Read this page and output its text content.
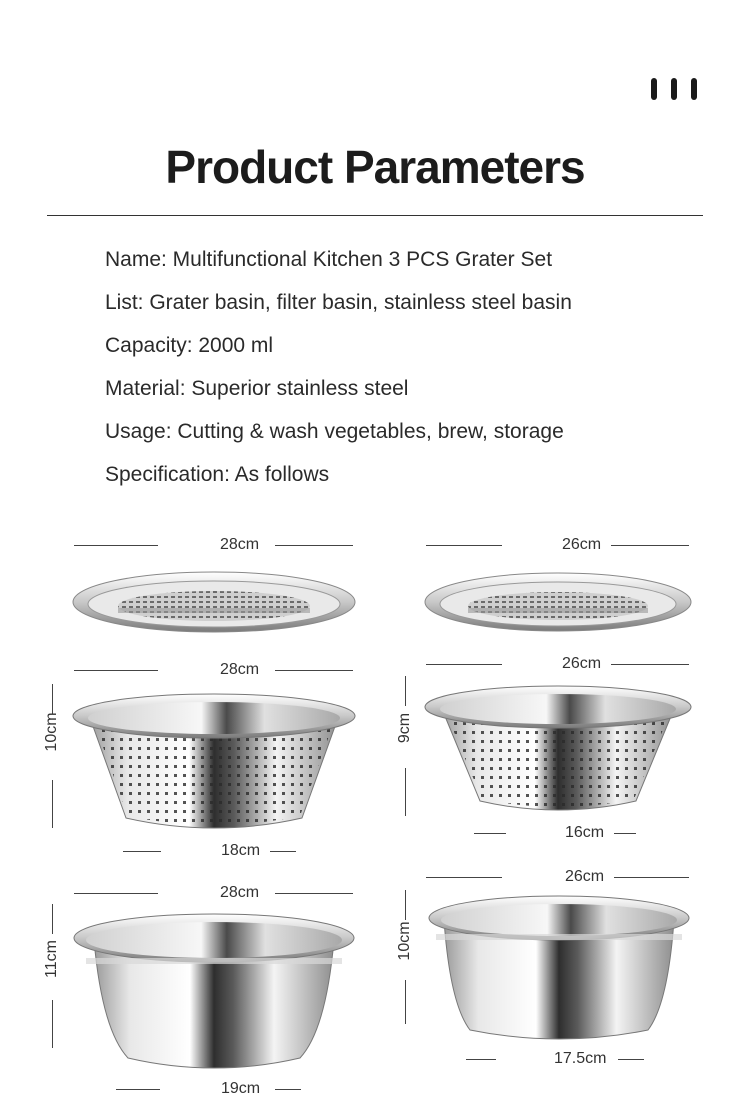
Product Parameters
Name: Multifunctional Kitchen 3 PCS Grater Set
List: Grater basin, filter basin, stainless steel basin
Capacity: 2000 ml
Material: Superior stainless steel
Usage: Cutting & wash vegetables, brew, storage
Specification: As follows
28cm
28cm
10cm
18cm
28cm
11cm
19cm
26cm
26cm
9cm
16cm
26cm
10cm
17.5cm
